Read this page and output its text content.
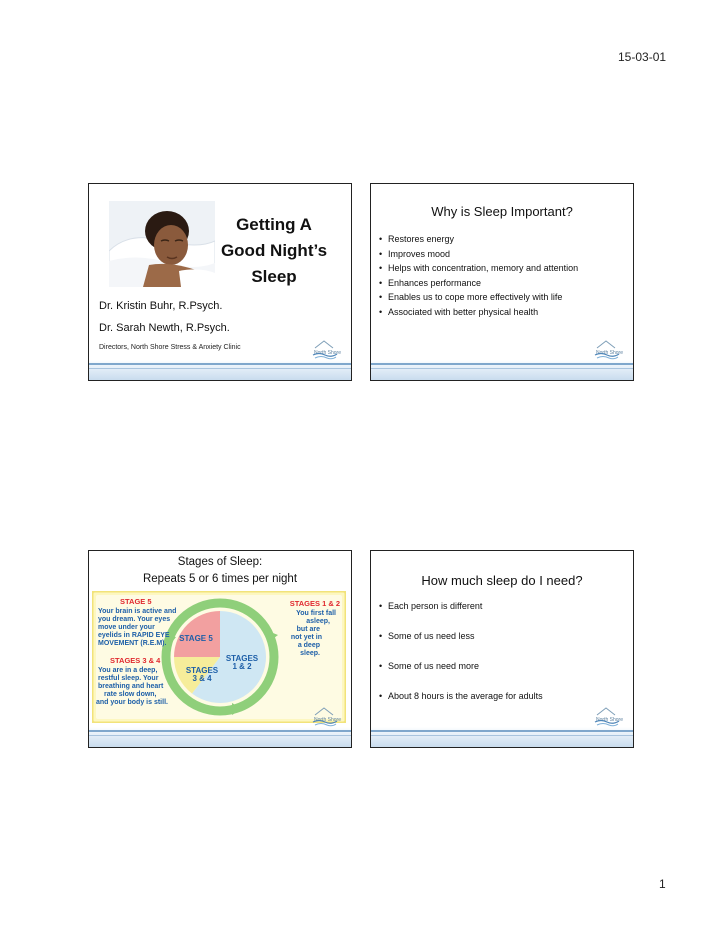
15-03-01
Getting A
Good Night’s
Sleep
Dr. Kristin Buhr, R.Psych.
Dr. Sarah Newth, R.Psych.
Directors, North Shore Stress & Anxiety Clinic
North Shore
Why is Sleep Important?
• Restores energy
• Improves mood
• Helps with concentration, memory and attention
• Enhances performance
• Enables us to cope more effectively with life
• Associated with better physical health
North Shore
Stages of Sleep:
Repeats 5 or 6 times per night
STAGE 5
STAGES
1 & 2
STAGES
3 & 4
STAGE 5
Your brain is active and
you dream. Your eyes
move under your
eyelids in RAPID EYE
MOVEMENT (R.E.M).
STAGES 1 & 2
You first fall
asleep,
but are
not yet in
a deep
sleep.
STAGES 3 & 4
You are in a deep,
restful sleep. Your
breathing and heart
rate slow down,
and your body is still.
North Shore
How much sleep do I need?
• Each person is different
• Some of us need less
• Some of us need more
• About 8 hours is the average for adults
North Shore
1
